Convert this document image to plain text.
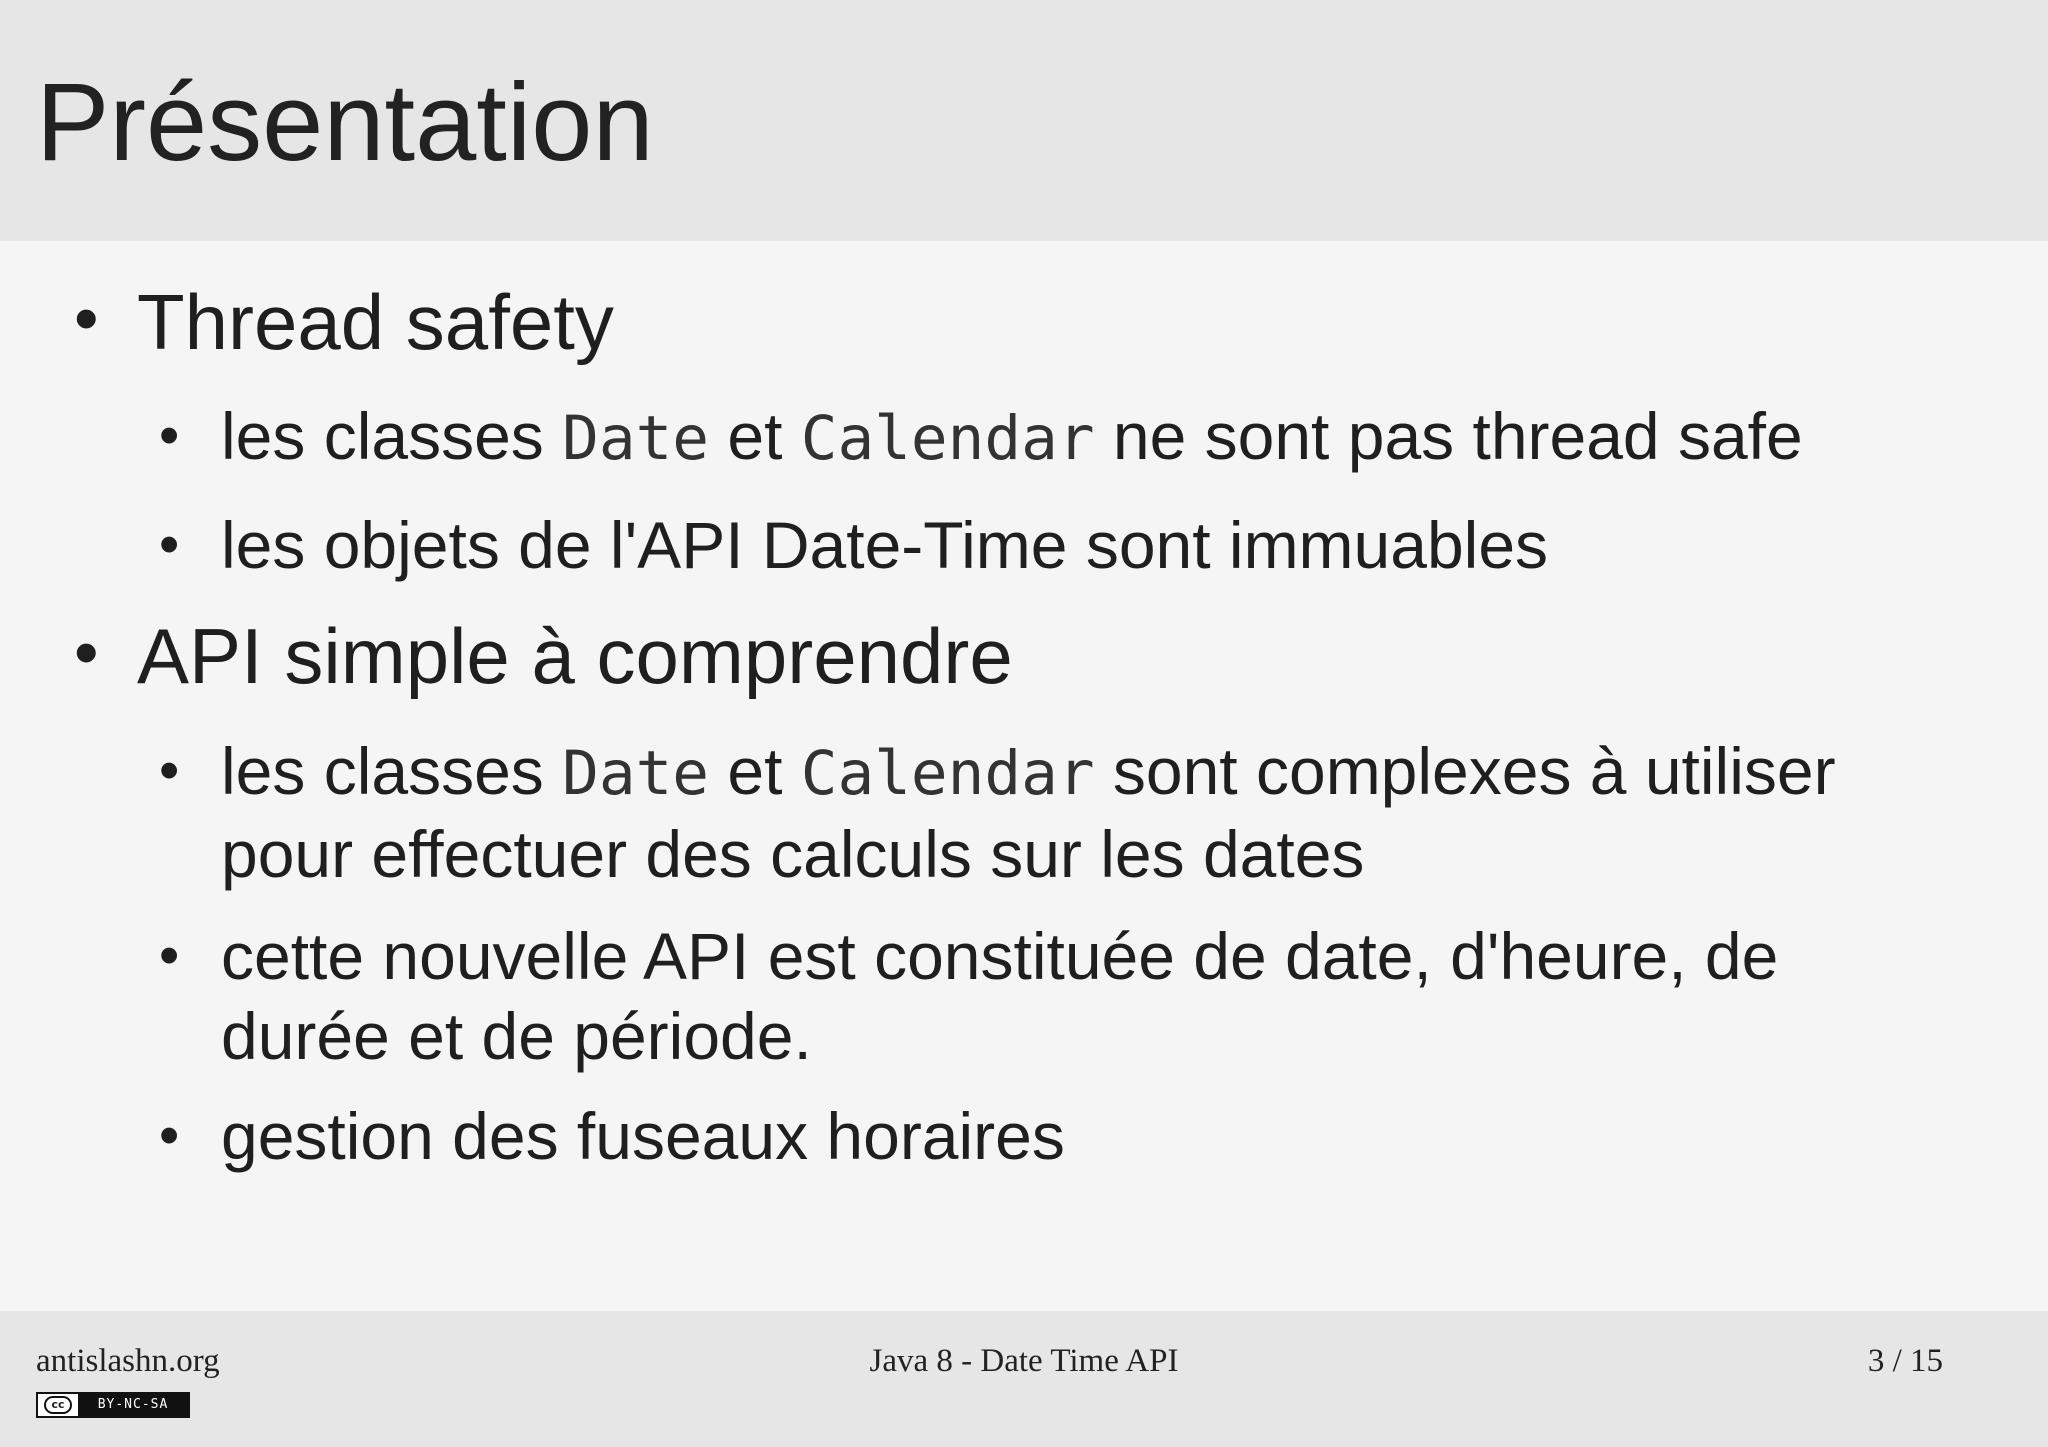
Présentation
• Thread safety
• les classes Date et Calendar ne sont pas thread safe
• les objets de l'API Date-Time sont immuables
• API simple à comprendre
• les classes Date et Calendar sont complexes à utiliser
pour effectuer des calculs sur les dates
• cette nouvelle API est constituée de date, d'heure, de
durée et de période.
• gestion des fuseaux horaires
antislashn.org	Java 8 - Date Time API	3 / 15
cc	BY-NC-SA
